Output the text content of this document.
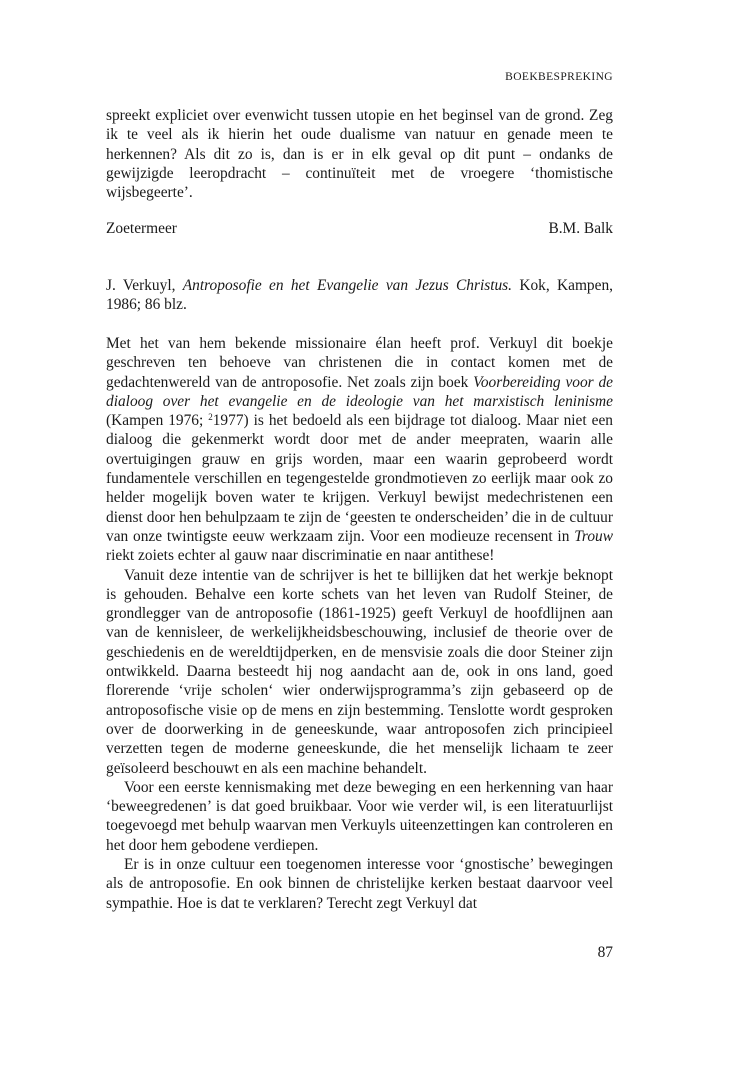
BOEKBESPREKING

spreekt expliciet over evenwicht tussen utopie en het beginsel van de grond. Zeg ik te veel als ik hierin het oude dualisme van natuur en genade meen te herkennen? Als dit zo is, dan is er in elk geval op dit punt – ondanks de gewijzigde leeropdracht – continuïteit met de vroegere ‘thomistische wijsbegeerte’.

Zoetermeer	B.M. Balk
J. Verkuyl, Antroposofie en het Evangelie van Jezus Christus. Kok, Kampen, 1986; 86 blz.

Met het van hem bekende missionaire élan heeft prof. Verkuyl dit boekje geschreven ten behoeve van christenen die in contact komen met de gedachtenwereld van de antroposofie. Net zoals zijn boek Voorbereiding voor de dialoog over het evangelie en de ideologie van het marxistisch leninisme (Kampen 1976; $^2$1977) is het bedoeld als een bijdrage tot dialoog. Maar niet een dialoog die gekenmerkt wordt door met de ander meepraten, waarin alle overtuigingen grauw en grijs worden, maar een waarin geprobeerd wordt fundamentele verschillen en tegengestelde grondmotieven zo eerlijk maar ook zo helder mogelijk boven water te krijgen. Verkuyl bewijst medechristenen een dienst door hen behulpzaam te zijn de ‘geesten te onderscheiden’ die in de cultuur van onze twintigste eeuw werkzaam zijn. Voor een modieuze recensent in Trouw riekt zoiets echter al gauw naar discriminatie en naar antithese!

Vanuit deze intentie van de schrijver is het te billijken dat het werkje beknopt is gehouden. Behalve een korte schets van het leven van Rudolf Steiner, de grondlegger van de antroposofie (1861-1925) geeft Verkuyl de hoofdlijnen aan van de kennisleer, de werkelijkheidsbeschouwing, inclusief de theorie over de geschiedenis en de wereldtijdperken, en de mensvisie zoals die door Steiner zijn ontwikkeld. Daarna besteedt hij nog aandacht aan de, ook in ons land, goed florerende ‘vrije scholen‘ wier onderwijsprogramma’s zijn gebaseerd op de antroposofische visie op de mens en zijn bestemming. Tenslotte wordt gesproken over de doorwerking in de geneeskunde, waar antroposofen zich principieel verzetten tegen de moderne geneeskunde, die het menselijk lichaam te zeer geïsoleerd beschouwt en als een machine behandelt.

Voor een eerste kennismaking met deze beweging en een herkenning van haar ‘beweegredenen’ is dat goed bruikbaar. Voor wie verder wil, is een literatuurlijst toegevoegd met behulp waarvan men Verkuyls uiteenzettingen kan controleren en het door hem gebodene verdiepen.

Er is in onze cultuur een toegenomen interesse voor ‘gnostische’ bewegingen als de antroposofie. En ook binnen de christelijke kerken bestaat daarvoor veel sympathie. Hoe is dat te verklaren? Terecht zegt Verkuyl dat

87
